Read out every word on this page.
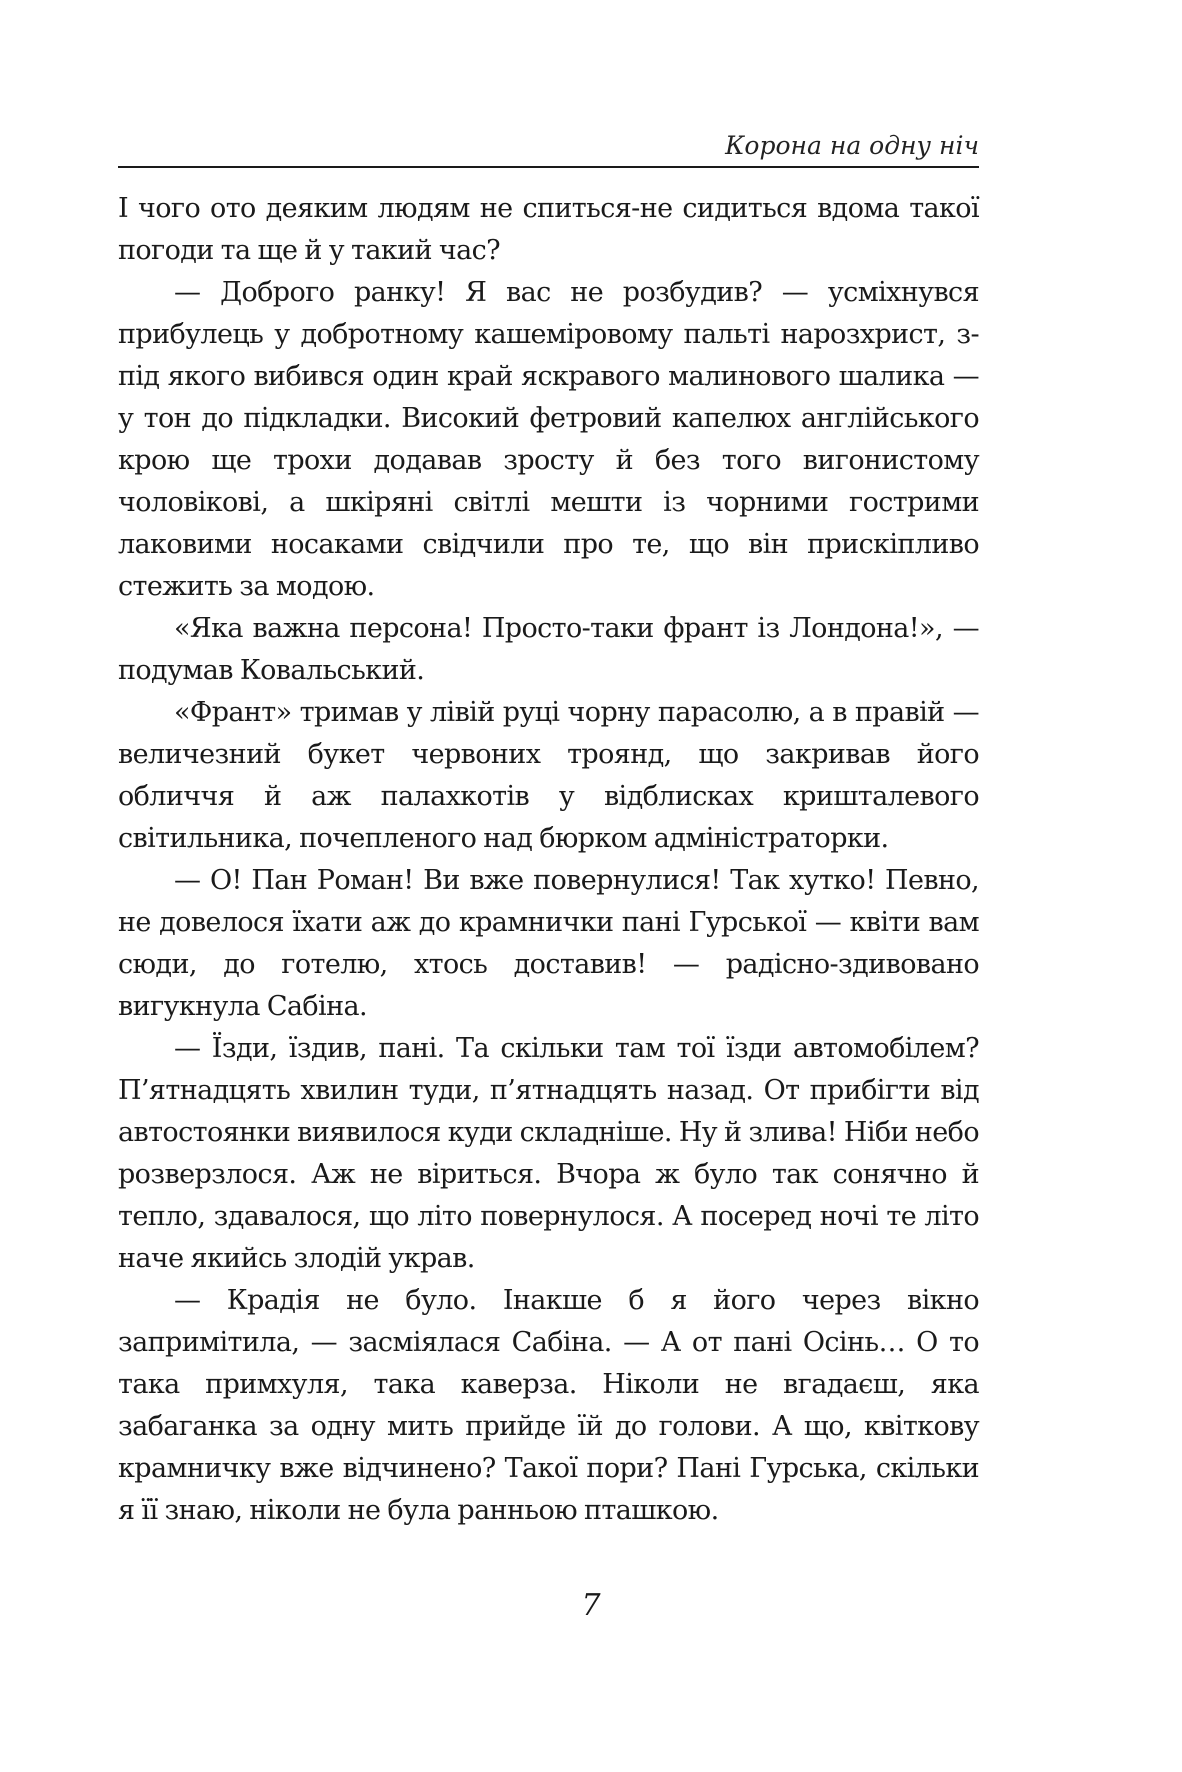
Корона на одну ніч

І чого ото деяким людям не спиться-не сидиться вдома такої погоди та ще й у такий час?

— Доброго ранку! Я вас не розбудив? — усміхнувся прибулець у добротному кашеміровому пальті нарозхрист, з-під якого вибився один край яскравого малинового шалика — у тон до підкладки. Високий фетровий капелюх англійського крою ще трохи додавав зросту й без того вигонистому чоловікові, а шкіряні світлі мешти із чорними гострими лаковими носаками свідчили про те, що він прискіпливо стежить за модою.

«Яка важна персона! Просто-таки франт із Лондона!», — подумав Ковальський.

«Франт» тримав у лівій руці чорну парасолю, а в правій — величезний букет червоних троянд, що закривав його обличчя й аж палахкотів у відблисках кришталевого світильника, почепленого над бюрком адміністраторки.

— О! Пан Роман! Ви вже повернулися! Так хутко! Певно, не довелося їхати аж до крамнички пані Гурської — квіти вам сюди, до готелю, хтось доставив! — радісно-здивовано вигукнула Сабіна.

— Їзди, їздив, пані. Та скільки там тої їзди автомобілем? П’ятнадцять хвилин туди, п’ятнадцять назад. От прибігти від автостоянки виявилося куди складніше. Ну й злива! Ніби небо розверзлося. Аж не віриться. Вчора ж було так сонячно й тепло, здавалося, що літо повернулося. А посеред ночі те літо наче якийсь злодій украв.

— Крадія не було. Інакше б я його через вікно запримітила, — засміялася Сабіна. — А от пані Осінь… О то така примхуля, така каверза. Ніколи не вгадаєш, яка забаганка за одну мить прийде їй до голови. А що, квіткову крамничку вже відчинено? Такої пори? Пані Гурська, скільки я її знаю, ніколи не була ранньою пташкою.

7
